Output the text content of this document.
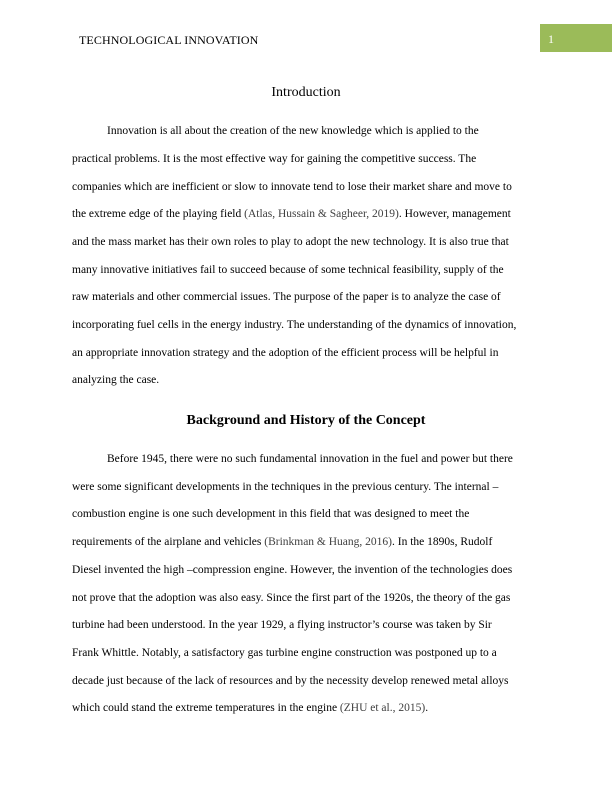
TECHNOLOGICAL INNOVATION	1
Introduction
Innovation is all about the creation of the new knowledge which is applied to the
practical problems. It is the most effective way for gaining the competitive success. The
companies which are inefficient or slow to innovate tend to lose their market share and move to
the extreme edge of the playing field (Atlas, Hussain & Sagheer, 2019). However, management
and the mass market has their own roles to play to adopt the new technology. It is also true that
many innovative initiatives fail to succeed because of some technical feasibility, supply of the
raw materials and other commercial issues. The purpose of the paper is to analyze the case of
incorporating fuel cells in the energy industry. The understanding of the dynamics of innovation,
an appropriate innovation strategy and the adoption of the efficient process will be helpful in
analyzing the case.
Background and History of the Concept
Before 1945, there were no such fundamental innovation in the fuel and power but there
were some significant developments in the techniques in the previous century. The internal –
combustion engine is one such development in this field that was designed to meet the
requirements of the airplane and vehicles (Brinkman & Huang, 2016). In the 1890s, Rudolf
Diesel invented the high –compression engine. However, the invention of the technologies does
not prove that the adoption was also easy. Since the first part of the 1920s, the theory of the gas
turbine had been understood. In the year 1929, a flying instructor’s course was taken by Sir
Frank Whittle. Notably, a satisfactory gas turbine engine construction was postponed up to a
decade just because of the lack of resources and by the necessity develop renewed metal alloys
which could stand the extreme temperatures in the engine (ZHU et al., 2015).
